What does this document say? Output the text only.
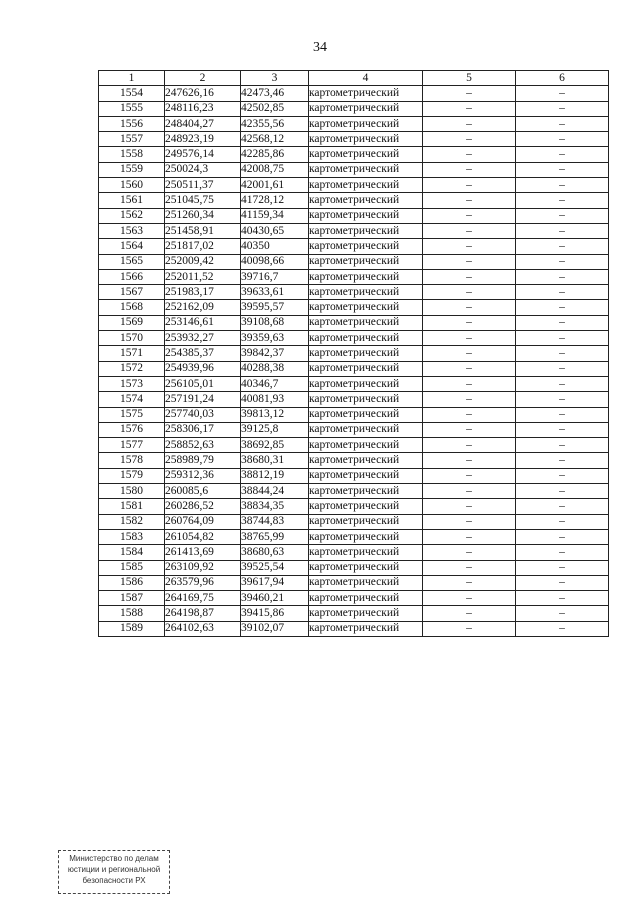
34
1	2	3	4	5	6
1554	247626,16	42473,46	картометрический	–	–
1555	248116,23	42502,85	картометрический	–	–
1556	248404,27	42355,56	картометрический	–	–
1557	248923,19	42568,12	картометрический	–	–
1558	249576,14	42285,86	картометрический	–	–
1559	250024,3	42008,75	картометрический	–	–
1560	250511,37	42001,61	картометрический	–	–
1561	251045,75	41728,12	картометрический	–	–
1562	251260,34	41159,34	картометрический	–	–
1563	251458,91	40430,65	картометрический	–	–
1564	251817,02	40350	картометрический	–	–
1565	252009,42	40098,66	картометрический	–	–
1566	252011,52	39716,7	картометрический	–	–
1567	251983,17	39633,61	картометрический	–	–
1568	252162,09	39595,57	картометрический	–	–
1569	253146,61	39108,68	картометрический	–	–
1570	253932,27	39359,63	картометрический	–	–
1571	254385,37	39842,37	картометрический	–	–
1572	254939,96	40288,38	картометрический	–	–
1573	256105,01	40346,7	картометрический	–	–
1574	257191,24	40081,93	картометрический	–	–
1575	257740,03	39813,12	картометрический	–	–
1576	258306,17	39125,8	картометрический	–	–
1577	258852,63	38692,85	картометрический	–	–
1578	258989,79	38680,31	картометрический	–	–
1579	259312,36	38812,19	картометрический	–	–
1580	260085,6	38844,24	картометрический	–	–
1581	260286,52	38834,35	картометрический	–	–
1582	260764,09	38744,83	картометрический	–	–
1583	261054,82	38765,99	картометрический	–	–
1584	261413,69	38680,63	картометрический	–	–
1585	263109,92	39525,54	картометрический	–	–
1586	263579,96	39617,94	картометрический	–	–
1587	264169,75	39460,21	картометрический	–	–
1588	264198,87	39415,86	картометрический	–	–
1589	264102,63	39102,07	картометрический	–	–
Министерство по делам
юстиции и региональной
безопасности РХ
